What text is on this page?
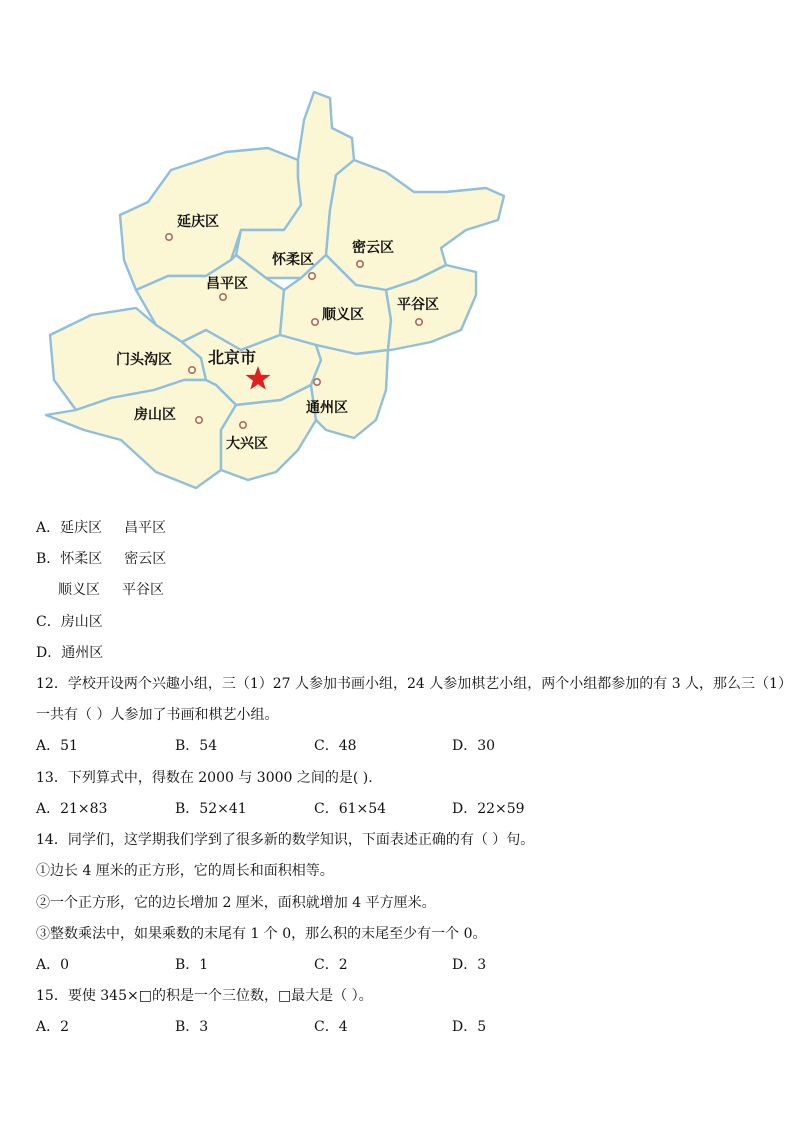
延庆区
怀柔区
密云区
昌平区
顺义区
平谷区
门头沟区 北京市
房山区	通州区
大兴区
A．延庆区 昌平区
B．怀柔区 密云区
顺义区 平谷区
C．房山区
D．通州区
12．学校开设两个兴趣小组，三（1）27 人参加书画小组，24 人参加棋艺小组，两个小组都参加的有 3 人，那么三（1）
一共有（ ）人参加了书画和棋艺小组。
A．51	B．54	C．48	D．30
13．下列算式中，得数在 2000 与 3000 之间的是( ).
A．21×83	B．52×41	C．61×54	D．22×59
14．同学们，这学期我们学到了很多新的数学知识，下面表述正确的有（ ）句。
①边长 4 厘米的正方形，它的周长和面积相等。
②一个正方形，它的边长增加 2 厘米，面积就增加 4 平方厘米。
③整数乘法中，如果乘数的末尾有 1 个 0，那么积的末尾至少有一个 0。
A．0	B．1	C．2	D．3
15．要使 345×□的积是一个三位数，□最大是（ ）。
A．2	B．3	C．4	D．5
